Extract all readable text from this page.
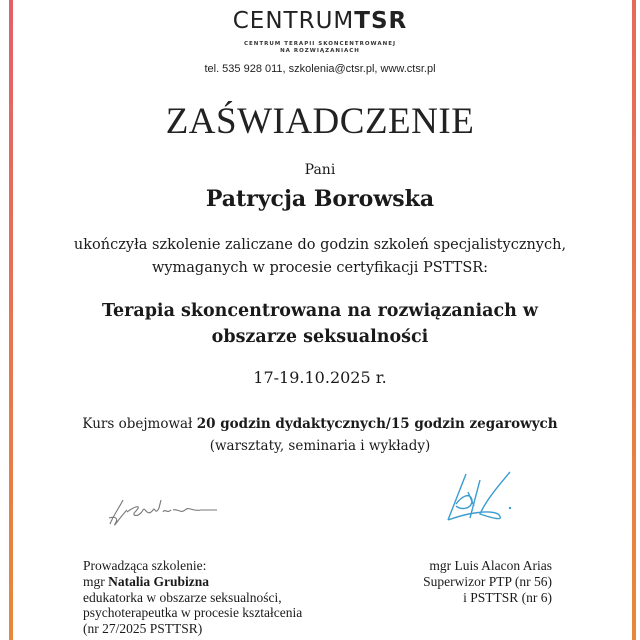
CENTRUMTSR
CENTRUM TERAPII SKONCENTROWANEJ
NA ROZWIĄZANIACH
tel. 535 928 011, szkolenia@ctsr.pl, www.ctsr.pl
ZAŚWIADCZENIE
Pani
Patrycja Borowska
ukończyła szkolenie zaliczane do godzin szkoleń specjalistycznych,
wymaganych w procesie certyfikacji PSTTSR:
Terapia skoncentrowana na rozwiązaniach w
obszarze seksualności
17-19.10.2025 r.
Kurs obejmował 20 godzin dydaktycznych/15 godzin zegarowych
(warsztaty, seminaria i wykłady)
Prowadząca szkolenie:
mgr Natalia Grubizna
edukatorka w obszarze seksualności,
psychoterapeutka w procesie kształcenia
(nr 27/2025 PSTTSR)
mgr Luis Alacon Arias
Superwizor PTP (nr 56)
i PSTTSR (nr 6)
